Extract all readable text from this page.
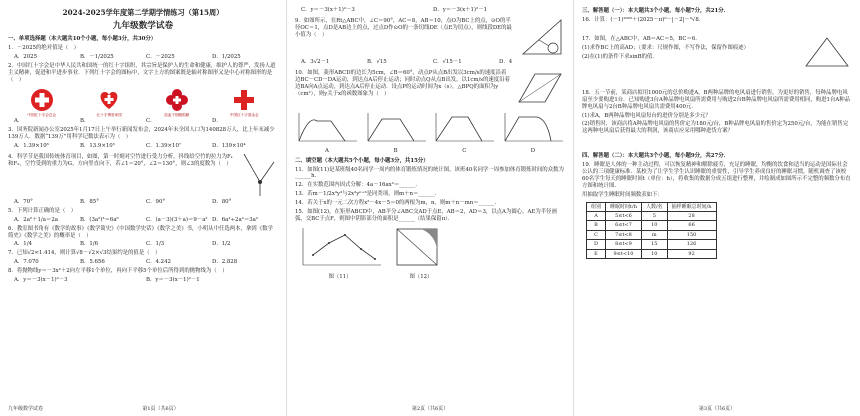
2024-2025学年度第二学期学情练习（第15周）
九年级数学试卷
一、单项选择题（本大题共10个小题，每小题3分，共30分）
1．－2025的绝对值是（　）
A．2025	B．－1/2025	C．－2025	D．1/2025
2．中国红十字会是中华人民共和国统一的红十字组织，其宗旨是保护人的生命和健康，维护人的尊严，发扬人道主义精神，促进和平进步事业．下列红十字会的图标中，文字上方的图案既是轴对称图形又是中心对称图形的是（　）
中国红十字会总会	红十字博爱家园	造血干细胞捐献	中国红十字基金会
A．	B．	C．	D．
3．国务院新闻办公室2025年1月17日上午举行新闻发布会，2024年末全国人口为140828万人，比上年末减少139万人．数据“139万”用科学记数法表示为（　）
A．1.39×10⁶	B．13.9×10⁵	C．1.39×10⁷	D．139×10⁴
4．科学节是我国传统体育项目，如图，第一时刻对空竹进行受力分析，抖线给空竹的拉力为F₁和F₂，空竹受到的重力为G，方向竖直向下，若∠1＝20°，∠2＝130°，则∠3的度数为（　）
A．70°	B．85°	C．90°	D．80°
5．下列计算正确的是（　）
A．2a²＋1/a＝2a	B．(3a²)³＝6a⁶	C．(a－3)(3＋a)＝9－a² D．6a²÷2a²＝3a²
6．教室图书角有《数学的故事》《数学简史》《中国数学史话》《数学之美》书，小明从中任选两本，拿到《数学简史》《数学之美》的概率是（　）
A．1/4	B．1/6	C．1/3	D．1/2
7．已知√2≈1.414，则计算√8－√2×√3结果约是的值是（　）
A．7.070	B．5.656	C．4.242	D．2.828
8．将抛物线y＝－3x²＋2向左平移1个单位，再向下平移5个单位后所得到的抛物线为（　）
A．y＝－3(x－1)²－3	B．y＝－3(x－1)²－1
九年级数学试卷	第1页（共6页）
C．y＝－3(x＋1)²－3	D．y＝－3(x＋1)²－1
9．如图所示，在Rt△ABC中，∠C＝90°，AC＝8，AB＝10，点O为BC上的点，⊙O的半径OC＝1，点D是AB边上的点，过点D作⊙O的一条切线DE（点E为切点），则线段DE的最小值为（　）
A．3√2－1	B．√15	C．√15－1	D．4
10．如图，菱形ABCD的边长为5cm，∠B＝60°，动点P从点B出发以3cm/s的速度沿着边BC－CD－DA运动，到达点A后停止运动；同时动点Q从点B出发，以1cm/s的速度沿着边BA向A点运动，到达点A后停止运动．设点P的运动时间为x（s），△BPQ的面积为y（cm²），则y关于x的函数图象为（　）
A	B	C	D
二、填空题（本大题共5个小题，每小题3分，共15分）
11．如图(11)是某班级40名同学一周内的体育锻炼情况的统计图，该班40名同学一周参加体育锻炼时间的众数为______h．
12．在实数范围内因式分解：4a－16ax²＝______．
13．若m－1/2x³y³与2x²yⁿ⁺³是同类项，则m＋n＝______．
14．若关于x的一元二次方程x²－4x－5＝0的两根为m，n，则m＋n－mn＝______．
15．如图(12)，在矩形ABCD中，AB平分∠ABC交AD于点E，AB＝2，AD＝3，以点A为圆心，AE为半径画弧，交BC于点F，则图中阴影部分的面积是______（结果保留π）．
图（11）	图（12）
第2页（共6页）
三、解答题（一）：本大题共3个小题，每小题7分，共21分．
16．计算：(－1)²⁰²⁵＋(2025－π)⁰－|－2|－³√8．
17．如图，在△ABC中，AB＝AC＝5，BC＝6．
(1)求作BC上的高AD；（要求：尺规作图，不写作法，保留作图痕迹）
(2)在(1)的条件下求sinB的值．
18．五一节前，某商店拟用1000元的总价购进A，B两种品牌的电风扇进行销售，为更好的销售，每种品牌电风扇至少要购进1台．已知购进3台A种品牌电风扇所需费用与购进2台B种品牌电风扇所需费用相同，购进1台A种品牌电风扇与2台B种品牌电风扇共需费用400元．
(1)求A，B两种品牌电风扇每台的进价分别是多少元？
(2)销售时，该商店将A种品牌电风扇的售价定为180元/台，B种品牌电风扇的售价定为250元/台，为能在销售完这两种电风扇后获得最大的利润，该商店应采用哪种进货方案？
四、解答题（二）：本大题共3个小题，每小题9分，共27分．
19．睡眠是人体的一种主动过程，可以恢复精神和解除疲劳，充足的睡眠，均衡的饮食和适当的运动是国际社会公认的三项健康标准．某校为了让学生学生认识睡眠的重要性，引导学生养成良好的睡眠习惯，随机调查了该校60名学生每天的睡眠时间t（单位：h），将收集的数据分成五组进行整理，并绘制成如图所示不完整的频数分布直方图和统计图．
用抽取学生睡眠时间频数表如下：
组别	睡眠时间t/h	人数/名	抽样睡眠总时间/h
A	5≤t<6	5	28
B	6≤t<7	10	66
C	7≤t<8	m	150
D	8≤t<9	15	126
E	9≤t<10	10	92
第3页（共6页）
